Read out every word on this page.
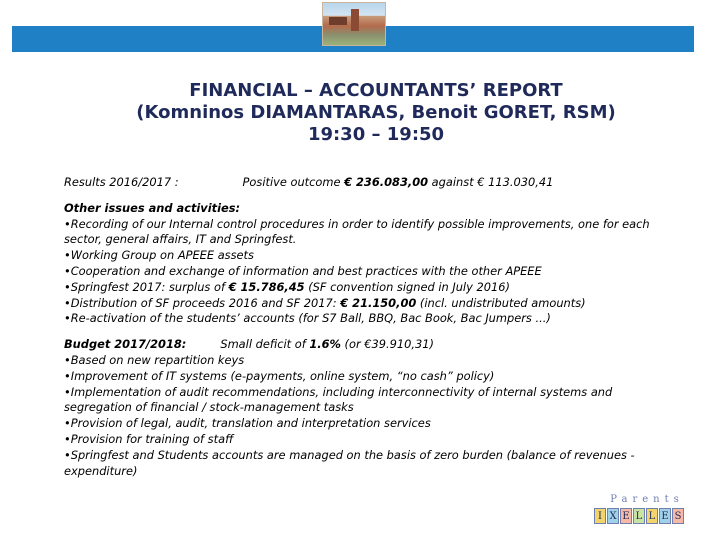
FINANCIAL – ACCOUNTANTS’ REPORT
(Komninos DIAMANTARAS, Benoit GORET, RSM)
19:30 – 19:50
Results 2016/2017 :	Positive outcome € 236.083,00 against € 113.030,41
Other issues and activities:
•Recording of our Internal control procedures in order to identify possible improvements, one for each sector, general affairs, IT and Springfest.
•Working Group on APEEE assets
•Cooperation and exchange of information and best practices with the other APEEE
•Springfest 2017: surplus of € 15.786,45 (SF convention signed in July 2016)
•Distribution of SF proceeds 2016 and SF 2017: € 21.150,00 (incl. undistributed amounts)
•Re-activation of the students’ accounts (for S7 Ball, BBQ, Bac Book, Bac Jumpers ...)
Budget 2017/2018:	Small deficit of 1.6% (or €39.910,31)
•Based on new repartition keys
•Improvement of IT systems (e-payments, online system, “no cash” policy)
•Implementation of audit recommendations, including interconnectivity of internal systems and segregation of financial / stock-management tasks
•Provision of legal, audit, translation and interpretation services
•Provision for training of staff
•Springfest and Students accounts are managed on the basis of zero burden (balance of revenues - expenditure)
Parents
I X E L L E S
